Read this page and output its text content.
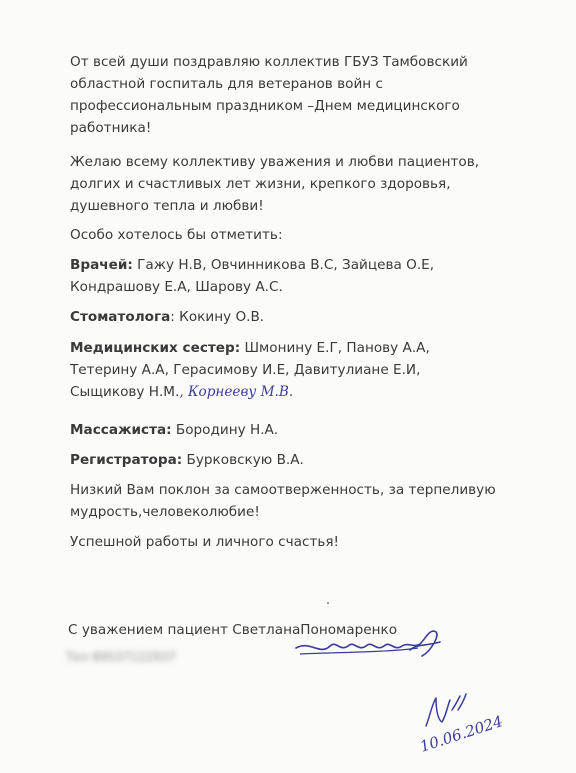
От всей души поздравляю коллектив ГБУЗ Тамбовский
областной госпиталь для ветеранов войн с
профессиональным праздником –Днем медицинского
работника!

Желаю всему коллективу уважения и любви пациентов,
долгих и счастливых лет жизни, крепкого здоровья,
душевного тепла и любви!

Особо хотелось бы отметить:

Врачей: Гажу Н.В, Овчинникова В.С, Зайцева О.Е,
Кондрашову Е.А, Шарову А.С.

Стоматолога: Кокину О.В.

Медицинских сестер: Шмонину Е.Г, Панову А.А,
Тетерину А.А, Герасимову И.Е, Давитулиане Е.И,
Сыщикову Н.М., Корнееву М.В.

Массажиста: Бородину Н.А.

Регистратора: Бурковскую В.А.

Низкий Вам поклон за самоотверженность, за терпеливую
мудрость,человеколюбие!

Успешной работы и личного счастья!

С уважением пациент СветланаПономаренко
Тел 89537122937
10.06.2024
